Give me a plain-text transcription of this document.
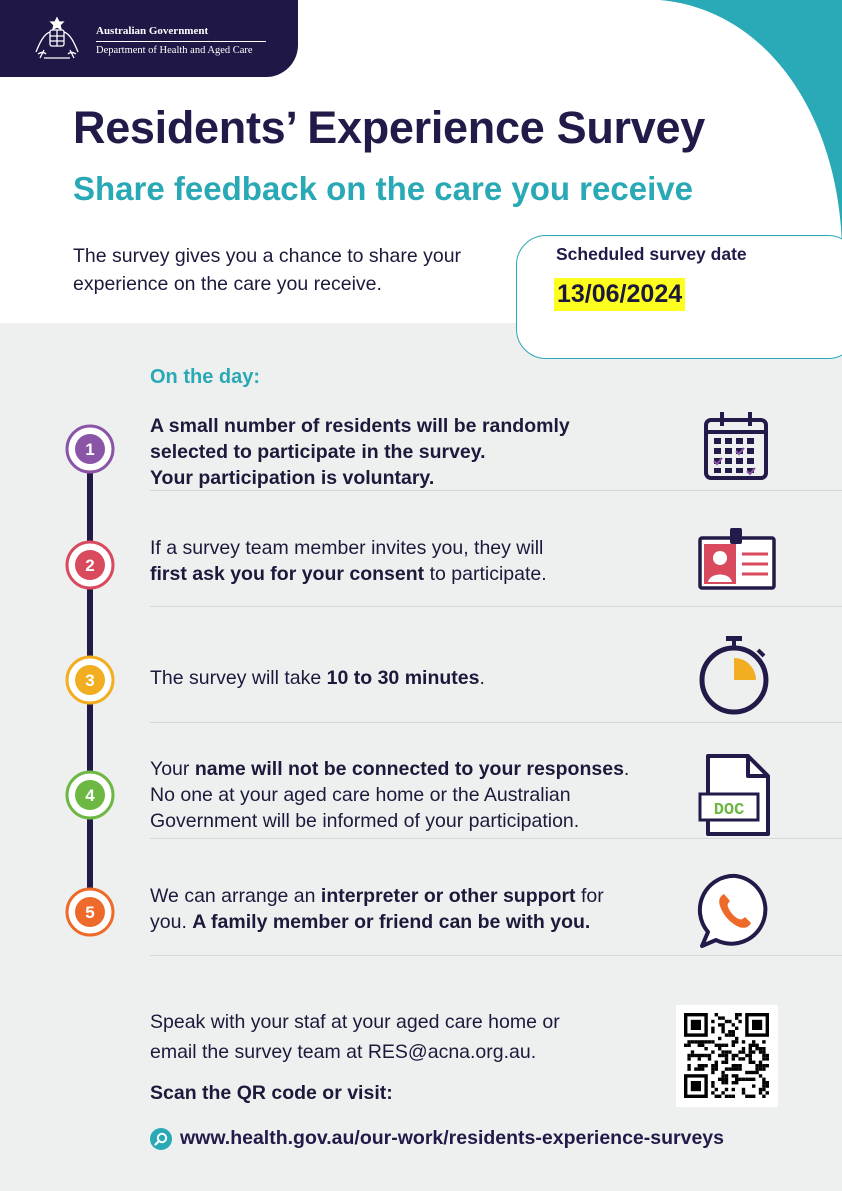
Australian Government
Department of Health and Aged Care
Residents’ Experience Survey
Share feedback on the care you receive
The survey gives you a chance to share your experience on the care you receive.
Scheduled survey date
13/06/2024
On the day:
1
A small number of residents will be randomly
selected to participate in the survey.
Your participation is voluntary.
2
If a survey team member invites you, they will
first ask you for your consent to participate.
3	The survey will take 10 to 30 minutes.
4
Your name will not be connected to your responses.
No one at your aged care home or the Australian
Government will be informed of your participation.	DOC
5
We can arrange an interpreter or other support for
you. A family member or friend can be with you.
Speak with your staf at your aged care home or
email the survey team at RES@acna.org.au.
Scan the QR code or visit:
www.health.gov.au/our-work/residents-experience-surveys
